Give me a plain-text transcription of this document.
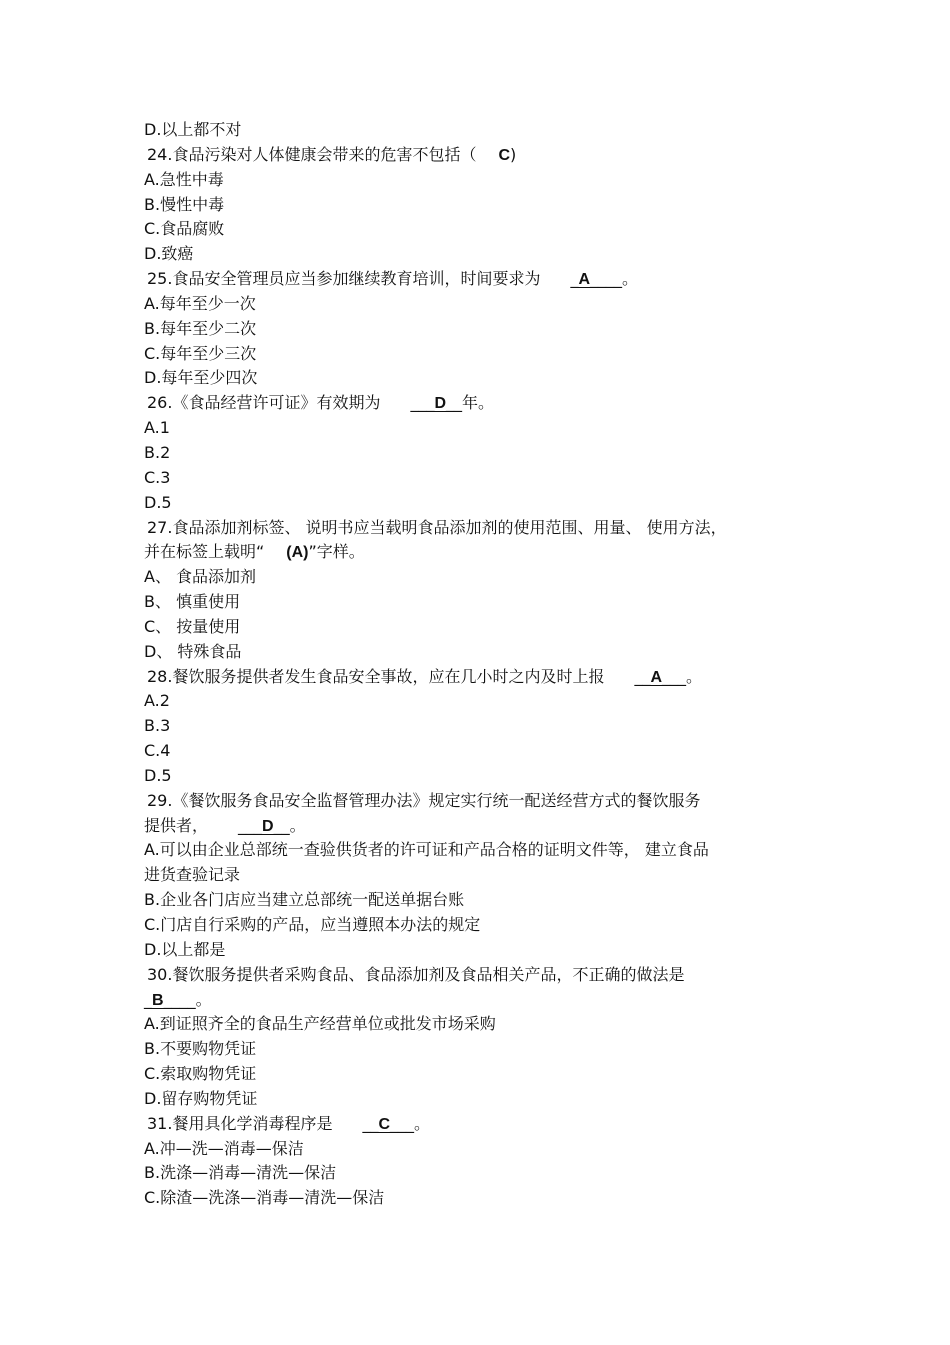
D.以上都不对
24.食品污染对人体健康会带来的危害不包括（ C)
A.急性中毒
B.慢性中毒
C.食品腐败
D.致癌
25.食品安全管理员应当参加继续教育培训，时间要求为 _A____。
A.每年至少一次
B.每年至少二次
C.每年至少三次
D.每年至少四次
26.《食品经营许可证》有效期为 ___D__年。
A.1
B.2
C.3
D.5
27.食品添加剂标签、 说明书应当载明食品添加剂的使用范围、用量、 使用方法，
并在标签上载明“ (A)”字样。
A、 食品添加剂
B、 慎重使用
C、 按量使用
D、 特殊食品
28.餐饮服务提供者发生食品安全事故，应在几小时之内及时上报 __A___。
A.2
B.3
C.4
D.5
29.《餐饮服务食品安全监督管理办法》规定实行统一配送经营方式的餐饮服务
提供者， ___D__。
A.可以由企业总部统一查验供货者的许可证和产品合格的证明文件等， 建立食品
进货查验记录
B.企业各门店应当建立总部统一配送单据台账
C.门店自行采购的产品，应当遵照本办法的规定
D.以上都是
30.餐饮服务提供者采购食品、食品添加剂及食品相关产品，不正确的做法是
_B____。
A.到证照齐全的食品生产经营单位或批发市场采购
B.不要购物凭证
C.索取购物凭证
D.留存购物凭证
31.餐用具化学消毒程序是 __C___。
A.冲—洗—消毒—保洁
B.洗涤—消毒—清洗—保洁
C.除渣—洗涤—消毒—清洗—保洁
